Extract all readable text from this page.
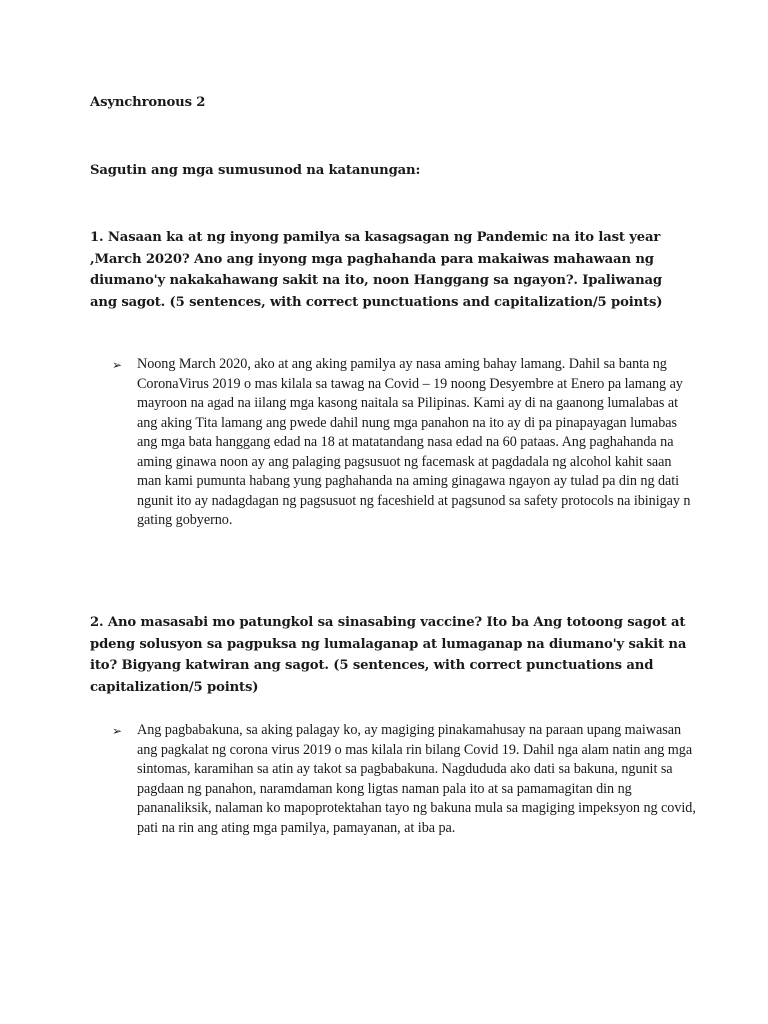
Asynchronous 2

Sagutin ang mga sumusunod na katanungan:

1. Nasaan ka at ng inyong pamilya sa kasagsagan ng Pandemic na ito last year ,March 2020? Ano ang inyong mga paghahanda para makaiwas mahawaan ng diumano'y nakakahawang sakit na ito, noon Hanggang sa ngayon?. Ipaliwanag ang sagot. (5 sentences, with correct punctuations and capitalization/5 points)

➢ Noong March 2020, ako at ang aking pamilya ay nasa aming bahay lamang. Dahil sa banta ng CoronaVirus 2019 o mas kilala sa tawag na Covid – 19 noong Desyembre at Enero pa lamang ay mayroon na agad na iilang mga kasong naitala sa Pilipinas. Kami ay di na gaanong lumalabas at ang aking Tita lamang ang pwede dahil nung mga panahon na ito ay di pa pinapayagan lumabas ang mga bata hanggang edad na 18 at matatandang nasa edad na 60 pataas. Ang paghahanda na aming ginawa noon ay ang palaging pagsusuot ng facemask at pagdadala ng alcohol kahit saan man kami pumunta habang yung paghahanda na aming ginagawa ngayon ay tulad pa din ng dati ngunit ito ay nadagdagan ng pagsusuot ng faceshield at pagsunod sa safety protocols na ibinigay n gating gobyerno.

2. Ano masasabi mo patungkol sa sinasabing vaccine? Ito ba Ang totoong sagot at pdeng solusyon sa pagpuksa ng lumalaganap at lumaganap na diumano'y sakit na ito? Bigyang katwiran ang sagot. (5 sentences, with correct punctuations and capitalization/5 points)

➢ Ang pagbabakuna, sa aking palagay ko, ay magiging pinakamahusay na paraan upang maiwasan ang pagkalat ng corona virus 2019 o mas kilala rin bilang Covid 19. Dahil nga alam natin ang mga sintomas, karamihan sa atin ay takot sa pagbabakuna. Nagdududa ako dati sa bakuna, ngunit sa pagdaan ng panahon, naramdaman kong ligtas naman pala ito at sa pamamagitan din ng pananaliksik, nalaman ko mapoprotektahan tayo ng bakuna mula sa magiging impeksyon ng covid, pati na rin ang ating mga pamilya, pamayanan, at iba pa.
